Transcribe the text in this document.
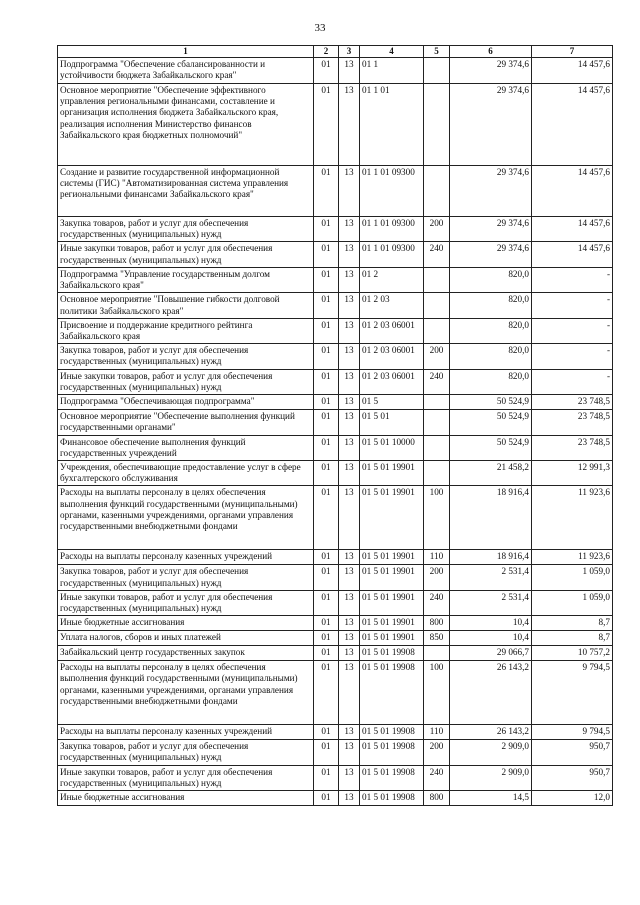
33
1	2	3	4	5	6	7
Подпрограмма "Обеспечение сбалансированности и устойчивости бюджета Забайкальского края"	01	13	01 1		29 374,6	14 457,6
Основное мероприятие "Обеспечение эффективного управления региональными финансами, составление и организация исполнения бюджета Забайкальского края, реализация исполнения Министерство финансов Забайкальского края бюджетных полномочий"	01	13	01 1 01		29 374,6	14 457,6
Создание и развитие государственной информационной системы (ГИС) "Автоматизированная система управления региональными финансами Забайкальского края"	01	13	01 1 01 09300		29 374,6	14 457,6
Закупка товаров, работ и услуг для обеспечения государственных (муниципальных) нужд	01	13	01 1 01 09300	200	29 374,6	14 457,6
Иные закупки товаров, работ и услуг для обеспечения государственных (муниципальных) нужд	01	13	01 1 01 09300	240	29 374,6	14 457,6
Подпрограмма "Управление государственным долгом Забайкальского края"	01	13	01 2		820,0	-
Основное мероприятие "Повышение гибкости долговой политики Забайкальского края"	01	13	01 2 03		820,0	-
Присвоение и поддержание кредитного рейтинга Забайкальского края	01	13	01 2 03 06001		820,0	-
Закупка товаров, работ и услуг для обеспечения государственных (муниципальных) нужд	01	13	01 2 03 06001	200	820,0	-
Иные закупки товаров, работ и услуг для обеспечения государственных (муниципальных) нужд	01	13	01 2 03 06001	240	820,0	-
Подпрограмма "Обеспечивающая подпрограмма"	01	13	01 5		50 524,9	23 748,5
Основное мероприятие "Обеспечение выполнения функций государственными органами"	01	13	01 5 01		50 524,9	23 748,5
Финансовое обеспечение выполнения функций государственных учреждений	01	13	01 5 01 10000		50 524,9	23 748,5
Учреждения, обеспечивающие предоставление услуг в сфере бухгалтерского обслуживания	01	13	01 5 01 19901		21 458,2	12 991,3
Расходы на выплаты персоналу в целях обеспечения выполнения функций государственными (муниципальными) органами, казенными учреждениями, органами управления государственными внебюджетными фондами	01	13	01 5 01 19901	100	18 916,4	11 923,6
Расходы на выплаты персоналу казенных учреждений	01	13	01 5 01 19901	110	18 916,4	11 923,6
Закупка товаров, работ и услуг для обеспечения государственных (муниципальных) нужд	01	13	01 5 01 19901	200	2 531,4	1 059,0
Иные закупки товаров, работ и услуг для обеспечения государственных (муниципальных) нужд	01	13	01 5 01 19901	240	2 531,4	1 059,0
Иные бюджетные ассигнования	01	13	01 5 01 19901	800	10,4	8,7
Уплата налогов, сборов и иных платежей	01	13	01 5 01 19901	850	10,4	8,7
Забайкальский центр государственных закупок	01	13	01 5 01 19908		29 066,7	10 757,2
Расходы на выплаты персоналу в целях обеспечения выполнения функций государственными (муниципальными) органами, казенными учреждениями, органами управления государственными внебюджетными фондами	01	13	01 5 01 19908	100	26 143,2	9 794,5
Расходы на выплаты персоналу казенных учреждений	01	13	01 5 01 19908	110	26 143,2	9 794,5
Закупка товаров, работ и услуг для обеспечения государственных (муниципальных) нужд	01	13	01 5 01 19908	200	2 909,0	950,7
Иные закупки товаров, работ и услуг для обеспечения государственных (муниципальных) нужд	01	13	01 5 01 19908	240	2 909,0	950,7
Иные бюджетные ассигнования	01	13	01 5 01 19908	800	14,5	12,0
